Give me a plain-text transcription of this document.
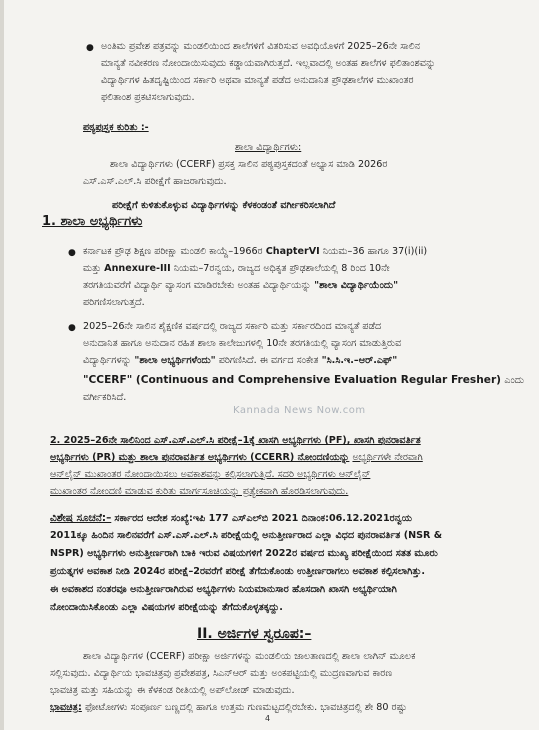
● ಅಂತಿಮ ಪ್ರವೇಶ ಪತ್ರವನ್ನು ಮಂಡಲಿಯಿಂದ ಶಾಲೆಗಳಿಗೆ ವಿತರಿಸುವ ಅವಧಿಯೊಳಗೆ 2025–26ನೇ ಸಾಲಿನ
ಮಾನ್ಯತೆ ನವೀಕರಣ ನೋಂದಾಯಿಸುವುದು ಕಡ್ಡಾಯವಾಗಿರುತ್ತದೆ. ಇಲ್ಲವಾದಲ್ಲಿ ಅಂತಹ ಶಾಲೆಗಳ ಫಲಿತಾಂಶವನ್ನು
ವಿದ್ಯಾರ್ಥಿಗಳ ಹಿತದೃಷ್ಟಿಯಿಂದ ಸರ್ಕಾರಿ ಅಥವಾ ಮಾನ್ಯತೆ ಪಡೆದ ಅನುದಾನಿತ ಪ್ರೌಢಶಾಲೆಗಳ ಮುಖಾಂತರ
ಫಲಿತಾಂಶ ಪ್ರಕಟಿಸಲಾಗುವುದು.
ಪಠ್ಯಪುಸ್ತಕ ಕುರಿತು :-
ಶಾಲಾ ವಿದ್ಯಾರ್ಥಿಗಳು:
ಶಾಲಾ ವಿದ್ಯಾರ್ಥಿಗಳು (CCERF) ಪ್ರಸಕ್ತ ಸಾಲಿನ ಪಠ್ಯಪುಸ್ತಕದಂತೆ ಅಭ್ಯಾಸ ಮಾಡಿ 2026ರ
ಎಸ್.ಎಸ್.ಎಲ್.ಸಿ ಪರೀಕ್ಷೆಗೆ ಹಾಜರಾಗುವುದು.
ಪರೀಕ್ಷೆಗೆ ಕುಳಿತುಕೊಳ್ಳುವ ವಿದ್ಯಾರ್ಥಿಗಳನ್ನು ಕೆಳಕಂಡಂತೆ ವರ್ಗೀಕರಿಸಲಾಗಿದೆ
1. ಶಾಲಾ ಅಭ್ಯರ್ಥಿಗಳು
● ಕರ್ನಾಟಕ ಪ್ರೌಢ ಶಿಕ್ಷಣ ಪರೀಕ್ಷಾ ಮಂಡಲಿ ಕಾಯ್ದೆ–1966ರ ChapterVI ನಿಯಮ–36 ಹಾಗೂ 37(i)(ii)
ಮತ್ತು Annexure-III ನಿಯಮ–7ರನ್ವಯ, ರಾಜ್ಯದ ಅಧಿಕೃತ ಪ್ರೌಢಶಾಲೆಯಲ್ಲಿ 8 ರಿಂದ 10ನೇ
ತರಗತಿಯವರೆಗೆ ವಿದ್ಯಾರ್ಥಿ ವ್ಯಾಸಂಗ ಮಾಡಿರಬೇಕು ಅಂತಹ ವಿದ್ಯಾರ್ಥಿಯನ್ನು "ಶಾಲಾ ವಿದ್ಯಾರ್ಥಿಯೆಂದು"
ಪರಿಗಣಿಸಲಾಗುತ್ತದೆ.
● 2025–26ನೇ ಸಾಲಿನ ಶೈಕ್ಷಣಿಕ ವರ್ಷದಲ್ಲಿ ರಾಜ್ಯದ ಸರ್ಕಾರಿ ಮತ್ತು ಸರ್ಕಾರದಿಂದ ಮಾನ್ಯತೆ ಪಡೆದ
ಅನುದಾನಿತ ಹಾಗೂ ಅನುದಾನ ರಹಿತ ಶಾಲಾ ಕಾಲೇಜುಗಳಲ್ಲಿ 10ನೇ ತರಗತಿಯಲ್ಲಿ ವ್ಯಾಸಂಗ ಮಾಡುತ್ತಿರುವ
ವಿದ್ಯಾರ್ಥಿಗಳನ್ನು "ಶಾಲಾ ಅಭ್ಯರ್ಥಿಗಳೆಂದು" ಪರಿಗಣಿಸಿದೆ. ಈ ವರ್ಗದ ಸಂಕೇತ "ಸಿ.ಸಿ.ಇ.–ಆರ್.ಎಫ್"
"CCERF" (Continuous and Comprehensive Evaluation Regular Fresher) ಎಂದು
ವರ್ಗೀಕರಿಸಿದೆ.
Kannada News Now.com
2. 2025–26ನೇ ಸಾಲಿನಿಂದ ಎಸ್.ಎಸ್.ಎಲ್.ಸಿ ಪರೀಕ್ಷೆ–1ಕ್ಕೆ ಖಾಸಗಿ ಅಭ್ಯರ್ಥಿಗಳು (PF), ಖಾಸಗಿ ಪುನರಾವರ್ತಿತ
ಅಭ್ಯರ್ಥಿಗಳು (PR) ಮತ್ತು ಶಾಲಾ ಪುನರಾವರ್ತಿತ ಅಭ್ಯರ್ಥಿಗಳು (CCERR) ನೋಂದಣಿಯನ್ನು ಅಭ್ಯರ್ಥಿಗಳೇ ನೇರವಾಗಿ
ಆನ್‌ಲೈನ್ ಮುಖಾಂತರ ನೋಂದಾಯಿಸಲು ಅವಕಾಶವನ್ನು ಕಲ್ಪಿಸಲಾಗುತ್ತಿದೆ. ಸದರಿ ಅಭ್ಯರ್ಥಿಗಳು ಆನ್‌ಲೈನ್
ಮುಖಾಂತರ ನೋಂದಣಿ ಮಾಡುವ ಕುರಿತು ಮಾರ್ಗಸೂಚಿಯನ್ನು ಪ್ರತ್ಯೇಕವಾಗಿ ಹೊರಡಿಸಲಾಗುವುದು.
ವಿಶೇಷ ಸೂಚನೆ:– ಸರ್ಕಾರದ ಆದೇಶ ಸಂಖ್ಯೆ:ಇಪಿ 177 ಎಸ್‌ಎಲ್‌ಬಿ 2021 ದಿನಾಂಕ:06.12.2021ರನ್ವಯ
2011ಕ್ಕೂ ಹಿಂದಿನ ಸಾಲಿನವರೆಗೆ ಎಸ್.ಎಸ್.ಎಲ್.ಸಿ ಪರೀಕ್ಷೆಯಲ್ಲಿ ಅನುತ್ತೀರ್ಣರಾದ ಎಲ್ಲಾ ವಿಧದ ಪುನರಾವರ್ತಿತ (NSR &
NSPR) ಅಭ್ಯರ್ಥಿಗಳು ಅನುತ್ತೀರ್ಣರಾಗಿ ಬಾಕಿ ಇರುವ ವಿಷಯಗಳಿಗೆ 2022ರ ವರ್ಷದ ಮುಖ್ಯ ಪರೀಕ್ಷೆಯಿಂದ ಸತತ ಮೂರು
ಪ್ರಯತ್ನಗಳ ಅವಕಾಶ ನೀಡಿ 2024ರ ಪರೀಕ್ಷೆ–2ರವರೆಗೆ ಪರೀಕ್ಷೆ ತೆಗೆದುಕೊಂಡು ಉತ್ತೀರ್ಣರಾಗಲು ಅವಕಾಶ ಕಲ್ಪಿಸಲಾಗಿತ್ತು.
ಈ ಅವಕಾಶದ ನಂತರವೂ ಅನುತ್ತೀರ್ಣರಾಗಿರುವ ಅಭ್ಯರ್ಥಿಗಳು ನಿಯಮಾನುಸಾರ ಹೊಸದಾಗಿ ಖಾಸಗಿ ಅಭ್ಯರ್ಥಿಯಾಗಿ
ನೋಂದಾಯಿಸಿಕೊಂಡು ಎಲ್ಲಾ ವಿಷಯಗಳ ಪರೀಕ್ಷೆಯನ್ನು ತೆಗೆದುಕೊಳ್ಳತಕ್ಕದ್ದು.
II. ಅರ್ಜಿಗಳ ಸ್ವರೂಪ:–
ಶಾಲಾ ವಿದ್ಯಾರ್ಥಿಗಳ (CCERF) ಪರೀಕ್ಷಾ ಅರ್ಜಿಗಳನ್ನು ಮಂಡಲಿಯ ಜಾಲತಾಣದಲ್ಲಿ ಶಾಲಾ ಲಾಗಿನ್ ಮೂಲಕ
ಸಲ್ಲಿಸುವುದು. ವಿದ್ಯಾರ್ಥಿಯ ಭಾವಚಿತ್ರವು ಪ್ರವೇಶಪತ್ರ, ಸಿಎನ್‌ಆರ್ ಮತ್ತು ಅಂಕಪಟ್ಟಿಯಲ್ಲಿ ಮುದ್ರಣವಾಗುವ ಕಾರಣ
ಭಾವಚಿತ್ರ ಮತ್ತು ಸಹಿಯನ್ನು ಈ ಕೆಳಕಂಡ ರೀತಿಯಲ್ಲಿ ಅಪ್‌ಲೋಡ್ ಮಾಡುವುದು.
ಭಾವಚಿತ್ರ: ಫೋಟೋಗಳು ಸಂಪೂರ್ಣ ಬಣ್ಣದಲ್ಲಿ ಹಾಗೂ ಉತ್ತಮ ಗುಣಮಟ್ಟದಲ್ಲಿರಬೇಕು. ಭಾವಚಿತ್ರದಲ್ಲಿ ಶೇ 80 ರಷ್ಟು
4
